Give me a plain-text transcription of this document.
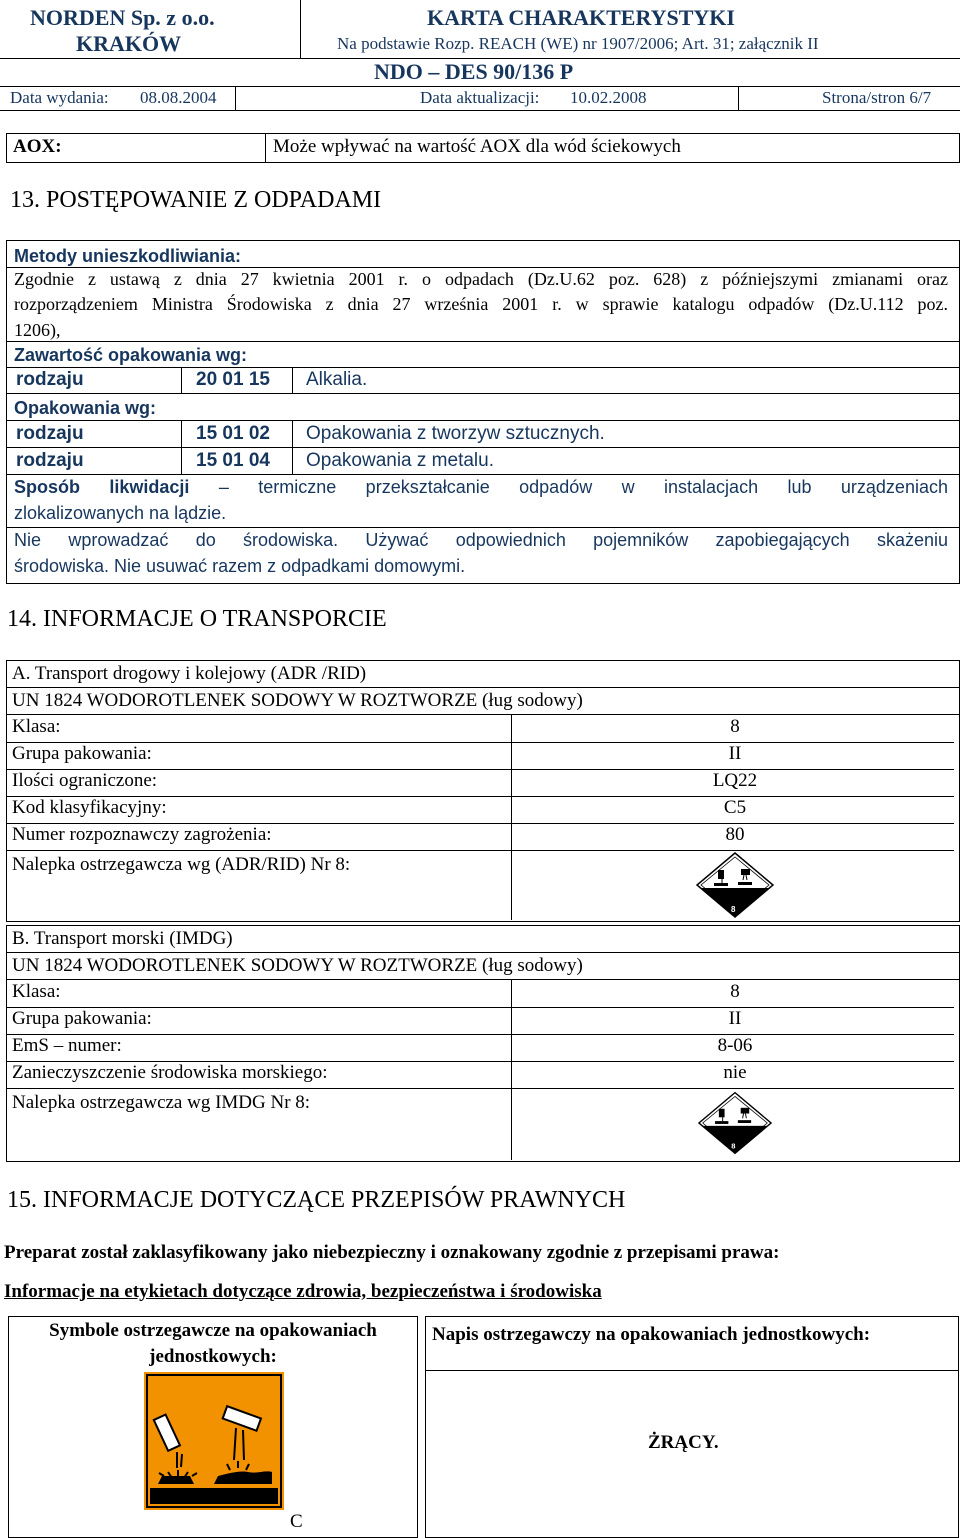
NORDEN Sp. z o.o.
KRAKÓW
KARTA CHARAKTERYSTYKI
Na podstawie Rozp. REACH (WE) nr 1907/2006; Art. 31; załącznik II
NDO – DES 90/136 P
Data wydania: 08.08.2004	Data aktualizacji: 10.02.2008	Strona/stron 6/7
AOX:	Może wpływać na wartość AOX dla wód ściekowych
13. POSTĘPOWANIE Z ODPADAMI
Metody unieszkodliwiania:
Zgodnie z ustawą z dnia 27 kwietnia 2001 r. o odpadach (Dz.U.62 poz. 628) z późniejszymi zmianami oraz
rozporządzeniem Ministra Środowiska z dnia 27 września 2001 r. w sprawie katalogu odpadów (Dz.U.112 poz.
1206),
Zawartość opakowania wg:
rodzaju	20 01 15 Alkalia.
Opakowania wg:
rodzaju	15 01 02 Opakowania z tworzyw sztucznych.
rodzaju	15 01 04 Opakowania z metalu.
Sposób likwidacji – termiczne przekształcanie odpadów w instalacjach lub urządzeniach
zlokalizowanych na lądzie.
Nie wprowadzać do środowiska. Używać odpowiednich pojemników zapobiegających skażeniu
środowiska. Nie usuwać razem z odpadkami domowymi.
14. INFORMACJE O TRANSPORCIE
A. Transport drogowy i kolejowy (ADR /RID)
UN 1824 WODOROTLENEK SODOWY W ROZTWORZE (ług sodowy)
Klasa:	8
Grupa pakowania:	II
Ilości ograniczone:	LQ22
Kod klasyfikacyjny:	C5
Numer rozpoznawczy zagrożenia:	80
Nalepka ostrzegawcza wg (ADR/RID) Nr 8:
8
B. Transport morski (IMDG)
UN 1824 WODOROTLENEK SODOWY W ROZTWORZE (ług sodowy)
Klasa:	8
Grupa pakowania:	II
EmS – numer:	8-06
Zanieczyszczenie środowiska morskiego:	nie
Nalepka ostrzegawcza wg IMDG Nr 8:
8
15. INFORMACJE DOTYCZĄCE PRZEPISÓW PRAWNYCH
Preparat został zaklasyfikowany jako niebezpieczny i oznakowany zgodnie z przepisami prawa:
Informacje na etykietach dotyczące zdrowia, bezpieczeństwa i środowiska
Symbole ostrzegawcze na opakowaniach
jednostkowych:
C
Napis ostrzegawczy na opakowaniach jednostkowych:
ŻRĄCY.
